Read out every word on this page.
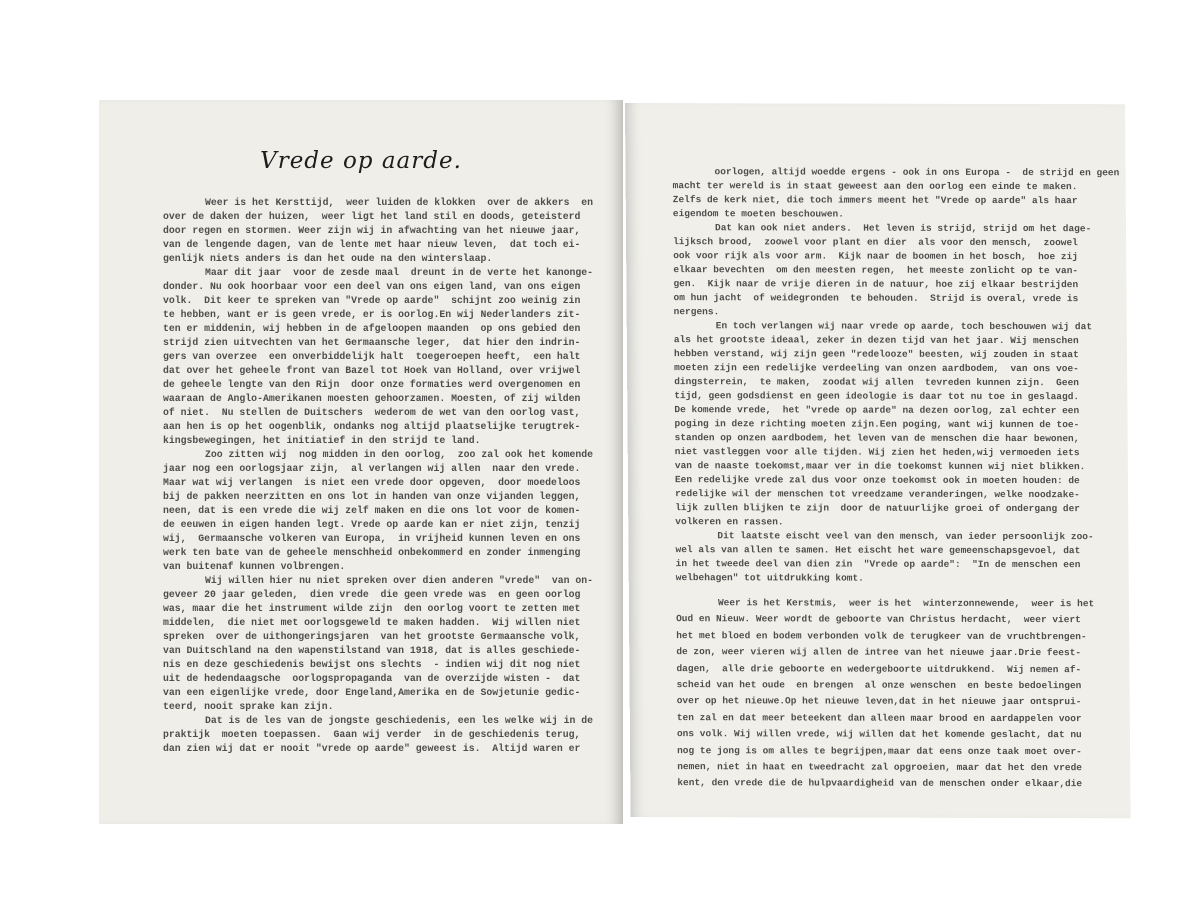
Vrede op aarde.
Weer is het Kersttijd,  weer luiden de klokken  over de akkers  en
over de daken der huizen,  weer ligt het land stil en doods, geteisterd
door regen en stormen. Weer zijn wij in afwachting van het nieuwe jaar,
van de lengende dagen, van de lente met haar nieuw leven,  dat toch ei-
genlijk niets anders is dan het oude na den winterslaap.
Maar dit jaar  voor de zesde maal  dreunt in de verte het kanonge-
donder. Nu ook hoorbaar voor een deel van ons eigen land, van ons eigen
volk.  Dit keer te spreken van "Vrede op aarde"  schijnt zoo weinig zin
te hebben, want er is geen vrede, er is oorlog.En wij Nederlanders zit-
ten er middenin, wij hebben in de afgeloopen maanden  op ons gebied den
strijd zien uitvechten van het Germaansche leger,  dat hier den indrin-
gers van overzee  een onverbiddelijk halt  toegeroepen heeft,  een halt
dat over het geheele front van Bazel tot Hoek van Holland, over vrijwel
de geheele lengte van den Rijn  door onze formaties werd overgenomen en
waaraan de Anglo-Amerikanen moesten gehoorzamen. Moesten, of zij wilden
of niet.  Nu stellen de Duitschers  wederom de wet van den oorlog vast,
aan hen is op het oogenblik, ondanks nog altijd plaatselijke terugtrek-
kingsbewegingen, het initiatief in den strijd te land.
Zoo zitten wij  nog midden in den oorlog,  zoo zal ook het komende
jaar nog een oorlogsjaar zijn,  al verlangen wij allen  naar den vrede.
Maar wat wij verlangen  is niet een vrede door opgeven,  door moedeloos
bij de pakken neerzitten en ons lot in handen van onze vijanden leggen,
neen, dat is een vrede die wij zelf maken en die ons lot voor de komen-
de eeuwen in eigen handen legt. Vrede op aarde kan er niet zijn, tenzij
wij,  Germaansche volkeren van Europa,  in vrijheid kunnen leven en ons
werk ten bate van de geheele menschheid onbekommerd en zonder inmenging
van buitenaf kunnen volbrengen.
Wij willen hier nu niet spreken over dien anderen "vrede"  van on-
geveer 20 jaar geleden,  dien vrede  die geen vrede was  en geen oorlog
was, maar die het instrument wilde zijn  den oorlog voort te zetten met
middelen,  die niet met oorlogsgeweld te maken hadden.  Wij willen niet
spreken  over de uithongeringsjaren  van het grootste Germaansche volk,
van Duitschland na den wapenstilstand van 1918, dat is alles geschiede-
nis en deze geschiedenis bewijst ons slechts  - indien wij dit nog niet
uit de hedendaagsche  oorlogspropaganda  van de overzijde wisten -  dat
van een eigenlijke vrede, door Engeland,Amerika en de Sowjetunie gedic-
teerd, nooit sprake kan zijn.
Dat is de les van de jongste geschiedenis, een les welke wij in de
praktijk  moeten toepassen.  Gaan wij verder  in de geschiedenis terug,
dan zien wij dat er nooit "vrede op aarde" geweest is.  Altijd waren er
oorlogen, altijd woedde ergens - ook in ons Europa -  de strijd en geen
macht ter wereld is in staat geweest aan den oorlog een einde te maken.
Zelfs de kerk niet, die toch immers meent het "Vrede op aarde" als haar
eigendom te moeten beschouwen.
Dat kan ook niet anders.  Het leven is strijd, strijd om het dage-
lijksch brood,  zoowel voor plant en dier  als voor den mensch,  zoowel
ook voor rijk als voor arm.  Kijk naar de boomen in het bosch,  hoe zij
elkaar bevechten  om den meesten regen,  het meeste zonlicht op te van-
gen.  Kijk naar de vrije dieren in de natuur, hoe zij elkaar bestrijden
om hun jacht  of weidegronden  te behouden.  Strijd is overal, vrede is
nergens.
En toch verlangen wij naar vrede op aarde, toch beschouwen wij dat
als het grootste ideaal, zeker in dezen tijd van het jaar. Wij menschen
hebben verstand, wij zijn geen "redelooze" beesten, wij zouden in staat
moeten zijn een redelijke verdeeling van onzen aardbodem,  van ons voe-
dingsterrein,  te maken,  zoodat wij allen  tevreden kunnen zijn.  Geen
tijd, geen godsdienst en geen ideologie is daar tot nu toe in geslaagd.
De komende vrede,  het "vrede op aarde" na dezen oorlog, zal echter een
poging in deze richting moeten zijn.Een poging, want wij kunnen de toe-
standen op onzen aardbodem, het leven van de menschen die haar bewonen,
niet vastleggen voor alle tijden. Wij zien het heden,wij vermoeden iets
van de naaste toekomst,maar ver in die toekomst kunnen wij niet blikken.
Een redelijke vrede zal dus voor onze toekomst ook in moeten houden: de
redelijke wil der menschen tot vreedzame veranderingen, welke noodzake-
lijk zullen blijken te zijn  door de natuurlijke groei of ondergang der
volkeren en rassen.
Dit laatste eischt veel van den mensch, van ieder persoonlijk zoo-
wel als van allen te samen. Het eischt het ware gemeenschapsgevoel, dat
in het tweede deel van dien zin  "Vrede op aarde":  "In de menschen een
welbehagen" tot uitdrukking komt.
Weer is het Kerstmis,  weer is het  winterzonnewende,  weer is het
Oud en Nieuw. Weer wordt de geboorte van Christus herdacht,  weer viert
het met bloed en bodem verbonden volk de terugkeer van de vruchtbrengen-
de zon, weer vieren wij allen de intree van het nieuwe jaar.Drie feest-
dagen,  alle drie geboorte en wedergeboorte uitdrukkend.  Wij nemen af-
scheid van het oude  en brengen  al onze wenschen  en beste bedoelingen
over op het nieuwe.Op het nieuwe leven,dat in het nieuwe jaar ontsprui-
ten zal en dat meer beteekent dan alleen maar brood en aardappelen voor
ons volk. Wij willen vrede, wij willen dat het komende geslacht, dat nu
nog te jong is om alles te begrijpen,maar dat eens onze taak moet over-
nemen, niet in haat en tweedracht zal opgroeien, maar dat het den vrede
kent, den vrede die de hulpvaardigheid van de menschen onder elkaar,die
